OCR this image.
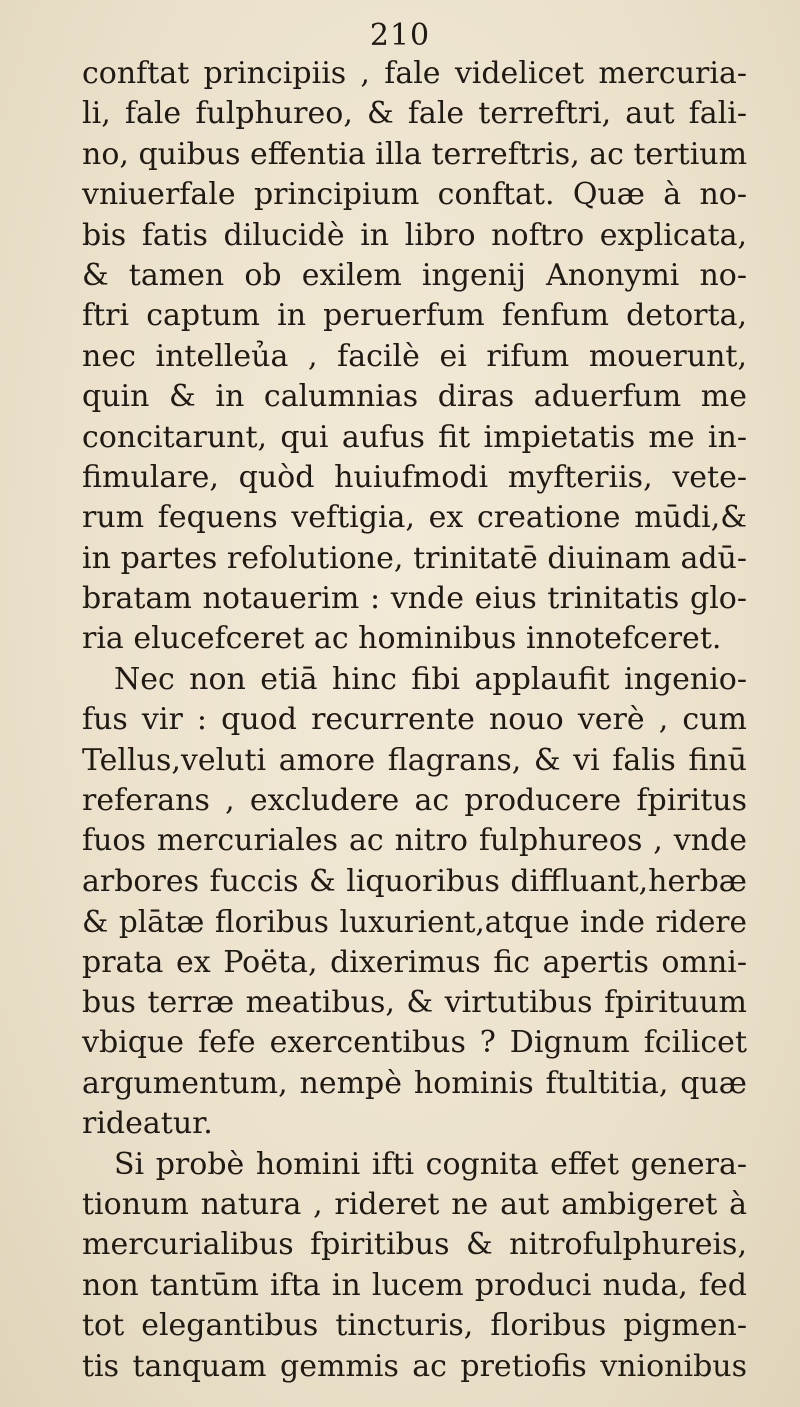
210
conftat principiis , fale videlicet mercuria-
li, fale fulphureo, & fale terreftri, aut fali-
no, quibus effentia illa terreftris, ac tertium
vniuerfale principium conftat. Quæ à no-
bis fatis dilucidè in libro noftro explicata,
& tamen ob exilem ingenij Anonymi no-
ftri captum in peruerfum fenfum detorta,
nec intelleủa , facilè ei rifum mouerunt,
quin & in calumnias diras aduerfum me
concitarunt, qui aufus fit impietatis me in-
fimulare, quòd huiufmodi myfteriis, vete-
rum fequens veftigia, ex creatione mūdi,&
in partes refolutione, trinitatē diuinam adū-
bratam notauerim : vnde eius trinitatis glo-
ria elucefceret ac hominibus innotefceret.
Nec non etiā hinc fibi applaufit ingenio-
fus vir : quod recurrente nouo verè , cum
Tellus,veluti amore flagrans, & vi falis finū
referans , excludere ac producere fpiritus
fuos mercuriales ac nitro fulphureos , vnde
arbores fuccis & liquoribus diffluant,herbæ
& plātæ floribus luxurient,atque inde ridere
prata ex Poëta, dixerimus fic apertis omni-
bus terræ meatibus, & virtutibus fpirituum
vbique fefe exercentibus ? Dignum fcilicet
argumentum, nempè hominis ftultitia, quæ
rideatur.
Si probè homini ifti cognita effet genera-
tionum natura , rideret ne aut ambigeret à
mercurialibus fpiritibus & nitrofulphureis,
non tantūm ifta in lucem produci nuda, fed
tot elegantibus tincturis, floribus pigmen-
tis tanquam gemmis ac pretiofis vnionibus
